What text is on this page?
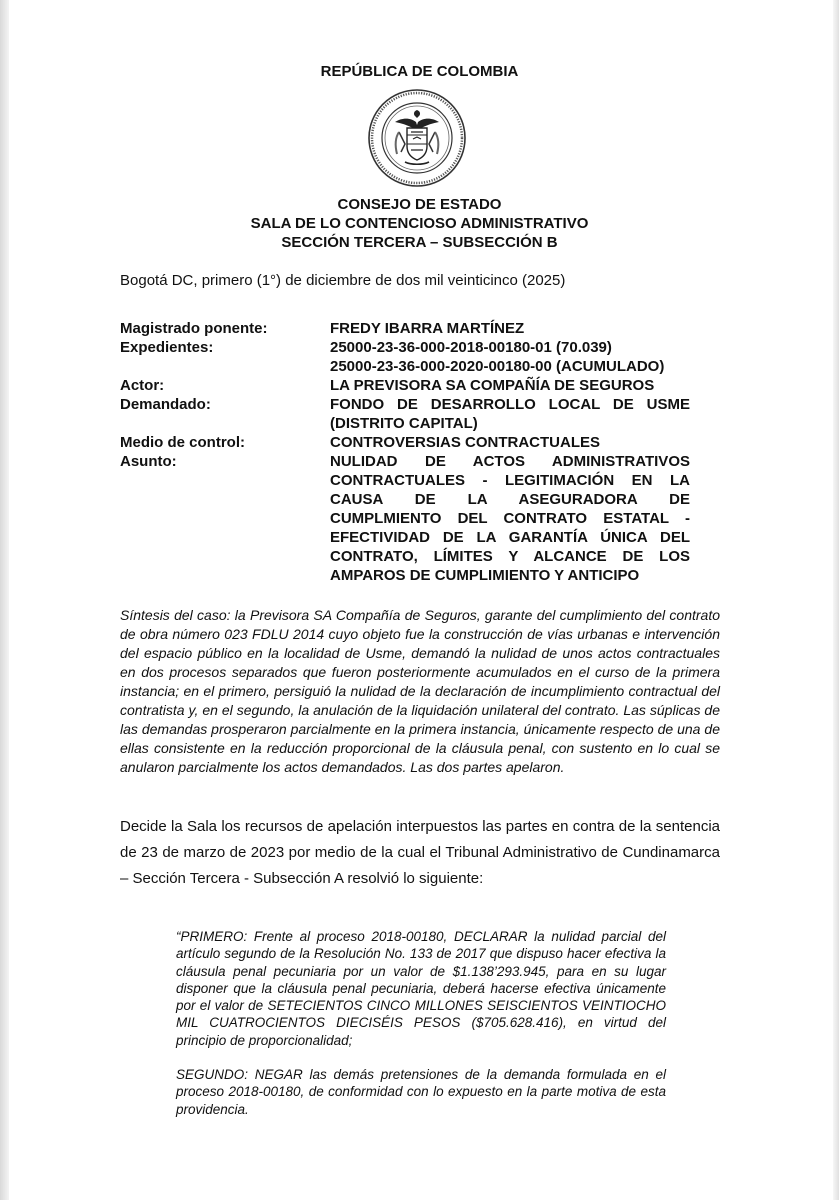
REPÚBLICA DE COLOMBIA
CONSEJO DE ESTADO
SALA DE LO CONTENCIOSO ADMINISTRATIVO
SECCIÓN TERCERA – SUBSECCIÓN B
Bogotá DC, primero (1°) de diciembre de dos mil veinticinco (2025)
Magistrado ponente:	FREDY IBARRA MARTÍNEZ
Expedientes:	25000-23-36-000-2018-00180-01 (70.039)
25000-23-36-000-2020-00180-00 (ACUMULADO)
Actor:	LA PREVISORA SA COMPAÑÍA DE SEGUROS
Demandado:	FONDO DE DESARROLLO LOCAL DE USME (DISTRITO CAPITAL)
Medio de control:	CONTROVERSIAS CONTRACTUALES
Asunto:	NULIDAD DE ACTOS ADMINISTRATIVOS CONTRACTUALES - LEGITIMACIÓN EN LA CAUSA DE LA ASEGURADORA DE CUMPLMIENTO DEL CONTRATO ESTATAL - EFECTIVIDAD DE LA GARANTÍA ÚNICA DEL CONTRATO, LÍMITES Y ALCANCE DE LOS AMPAROS DE CUMPLIMIENTO Y ANTICIPO

Síntesis del caso: la Previsora SA Compañía de Seguros, garante del cumplimiento del contrato de obra número 023 FDLU 2014 cuyo objeto fue la construcción de vías urbanas e intervención del espacio público en la localidad de Usme, demandó la nulidad de unos actos contractuales en dos procesos separados que fueron posteriormente acumulados en el curso de la primera instancia; en el primero, persiguió la nulidad de la declaración de incumplimiento contractual del contratista y, en el segundo, la anulación de la liquidación unilateral del contrato. Las súplicas de las demandas prosperaron parcialmente en la primera instancia, únicamente respecto de una de ellas consistente en la reducción proporcional de la cláusula penal, con sustento en lo cual se anularon parcialmente los actos demandados. Las dos partes apelaron.

Decide la Sala los recursos de apelación interpuestos las partes en contra de la sentencia de 23 de marzo de 2023 por medio de la cual el Tribunal Administrativo de Cundinamarca – Sección Tercera - Subsección A resolvió lo siguiente:

“PRIMERO: Frente al proceso 2018-00180, DECLARAR la nulidad parcial del artículo segundo de la Resolución No. 133 de 2017 que dispuso hacer efectiva la cláusula penal pecuniaria por un valor de $1.138’293.945, para en su lugar disponer que la cláusula penal pecuniaria, deberá hacerse efectiva únicamente por el valor de SETECIENTOS CINCO MILLONES SEISCIENTOS VEINTIOCHO MIL CUATROCIENTOS DIECISÉIS PESOS ($705.628.416), en virtud del principio de proporcionalidad;

SEGUNDO: NEGAR las demás pretensiones de la demanda formulada en el proceso 2018-00180, de conformidad con lo expuesto en la parte motiva de esta providencia.
